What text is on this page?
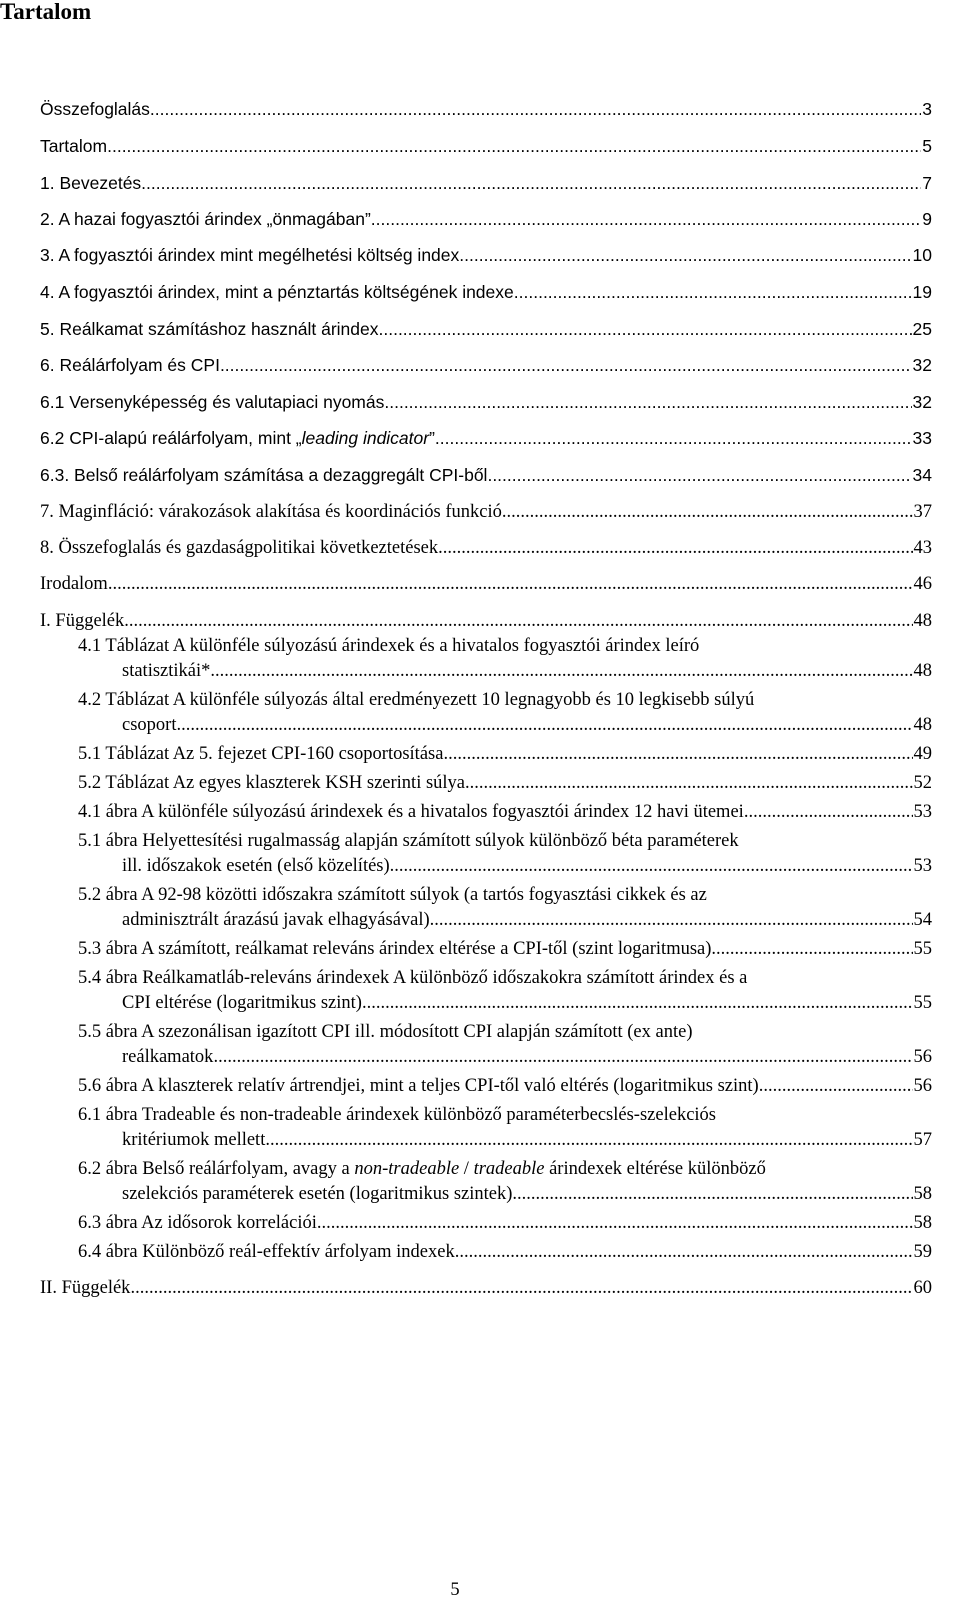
Tartalom
Összefoglalás .....	3
Tartalom .....	5
1. Bevezetés .....	7
2. A hazai fogyasztói árindex „önmagában” .....	9
3. A fogyasztói árindex mint megélhetési költség index .....	10
4. A fogyasztói árindex, mint a pénztartás költségének indexe .....	19
5. Reálkamat számításhoz használt árindex .....	25
6. Reálárfolyam és CPI .....	32
6.1 Versenyképesség és valutapiaci nyomás .....	32
6.2 CPI-alapú reálárfolyam, mint „leading indicator” .....	33
6.3. Belső reálárfolyam számítása a dezaggregált CPI-ből .....	34
7. Maginfláció: várakozások alakítása és koordinációs funkció .....	37
8. Összefoglalás és gazdaságpolitikai következtetések .....	43
Irodalom .....	46
I. Függelék .....	48
4.1 Táblázat A különféle súlyozású árindexek és a hivatalos fogyasztói árindex leíró
statisztikái* .....	48
4.2 Táblázat A különféle súlyozás által eredményezett 10 legnagyobb és 10 legkisebb súlyú
csoport .....	48
5.1 Táblázat Az 5. fejezet CPI-160 csoportosítása .....	49
5.2 Táblázat Az egyes klaszterek KSH szerinti súlya .....	52
4.1 ábra A különféle súlyozású árindexek és a hivatalos fogyasztói árindex 12 havi ütemei .....	53
5.1 ábra Helyettesítési rugalmasság alapján számított súlyok különböző béta paraméterek
ill. időszakok esetén (első közelítés) .....	53
5.2 ábra A 92-98 közötti időszakra számított súlyok (a tartós fogyasztási cikkek és az
adminisztrált árazású javak elhagyásával) .....	54
5.3 ábra A számított, reálkamat releváns árindex eltérése a CPI-től (szint logaritmusa) .....	55
5.4 ábra Reálkamatláb-releváns árindexek A különböző időszakokra számított árindex és a
CPI eltérése (logaritmikus szint) .....	55
5.5 ábra A szezonálisan igazított CPI ill. módosított CPI alapján számított (ex ante)
reálkamatok .....	56
5.6 ábra A klaszterek relatív ártrendjei, mint a teljes CPI-től való eltérés (logaritmikus szint) .....	56
6.1 ábra Tradeable és non-tradeable árindexek különböző paraméterbecslés-szelekciós
kritériumok mellett .....	57
6.2 ábra Belső reálárfolyam, avagy a non-tradeable / tradeable árindexek eltérése különböző
szelekciós paraméterek esetén (logaritmikus szintek) .....	58
6.3 ábra Az idősorok korrelációi .....	58
6.4 ábra Különböző reál-effektív árfolyam indexek .....	59
II. Függelék .....	60
5
